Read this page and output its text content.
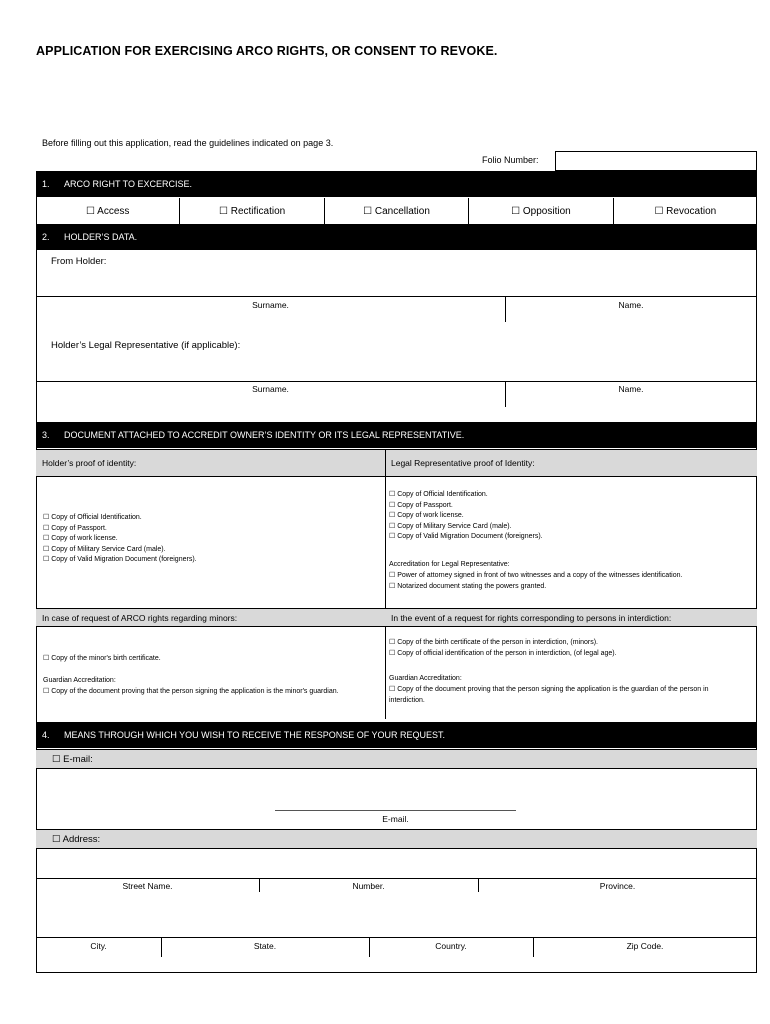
APPLICATION FOR EXERCISING ARCO RIGHTS, OR CONSENT TO REVOKE.
Before filling out this application, read the guidelines indicated on page 3.
Folio Number:
1.	ARCO RIGHT TO EXCERCISE.
☐ Access	☐ Rectification	☐ Cancellation	☐ Opposition	☐ Revocation
2.	HOLDER’S DATA.
From Holder:
Surname.	Name.
Holder’s Legal Representative (if applicable):
Surname.	Name.
3.	DOCUMENT ATTACHED TO ACCREDIT OWNER’S IDENTITY OR ITS LEGAL REPRESENTATIVE.
Holder’s proof of identity:	Legal Representative proof of Identity:
☐ Copy of Official Identification.
☐ Copy of Passport.
☐ Copy of work license.
☐ Copy of Military Service Card (male).
☐ Copy of Valid Migration Document (foreigners).
☐ Copy of Official Identification.
☐ Copy of Passport.
☐ Copy of work license.
☐ Copy of Military Service Card (male).
☐ Copy of Valid Migration Document (foreigners).
Accreditation for Legal Representative:
☐ Power of attorney signed in front of two witnesses and a copy of the witnesses identification.
☐ Notarized document stating the powers granted.
In case of request of ARCO rights regarding minors:	In the event of a request for rights corresponding to persons in interdiction:
☐ Copy of the minor's birth certificate.
Guardian Accreditation:
☐ Copy of the document proving that the person signing the application is the minor's guardian.
☐ Copy of the birth certificate of the person in interdiction, (minors).
☐ Copy of official identification of the person in interdiction, (of legal age).
Guardian Accreditation:
☐ Copy of the document proving that the person signing the application is the guardian of the person in interdiction.
4.	MEANS THROUGH WHICH YOU WISH TO RECEIVE THE RESPONSE OF YOUR REQUEST.
☐ E-mail:
E-mail.
☐ Address:
Street Name.	Number.	Province.
City.	State.	Country.	Zip Code.
